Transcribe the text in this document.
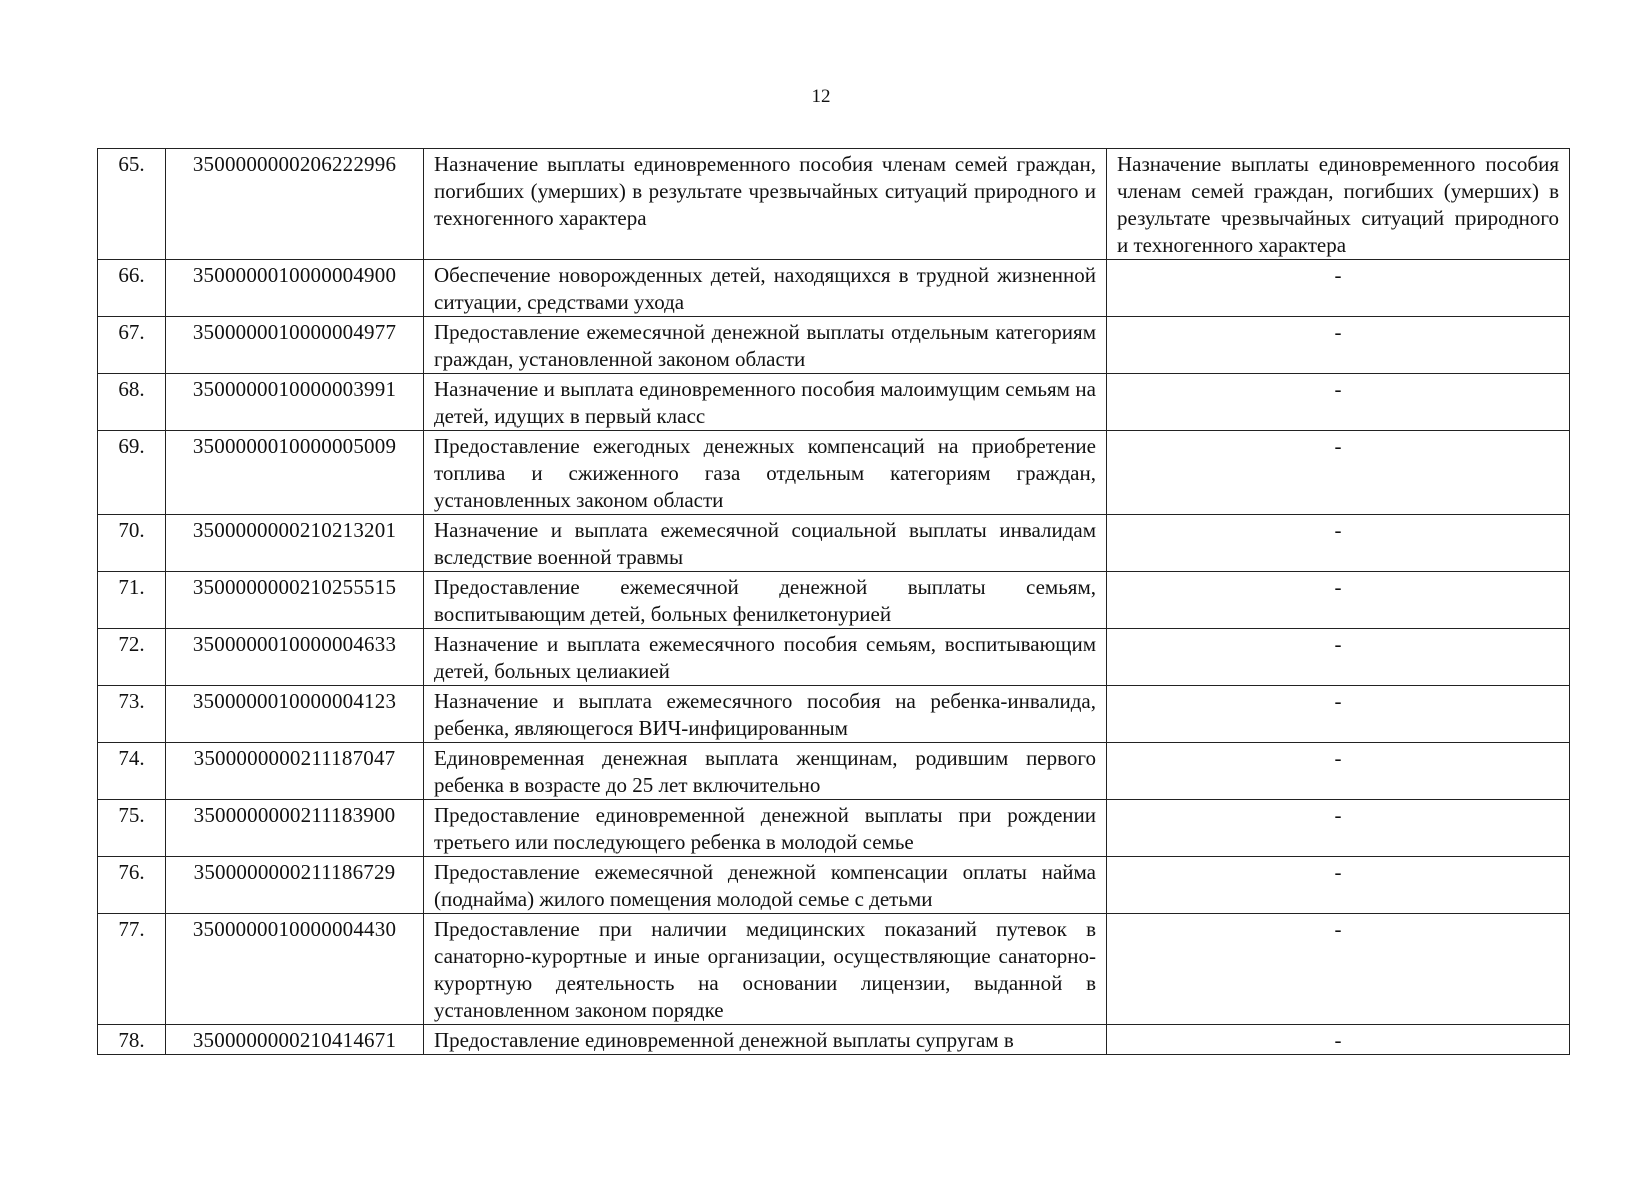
12
65.	3500000000206222996	Назначение выплаты единовременного пособия членам семей граждан, погибших (умерших) в результате чрезвычайных ситуаций природного и техногенного характера	Назначение выплаты единовременного пособия членам семей граждан, погибших (умерших) в результате чрезвычайных ситуаций природного и техногенного характера
66.	3500000010000004900	Обеспечение новорожденных детей, находящихся в трудной жизненной ситуации, средствами ухода	-
67.	3500000010000004977	Предоставление ежемесячной денежной выплаты отдельным категориям граждан, установленной законом области	-
68.	3500000010000003991	Назначение и выплата единовременного пособия малоимущим семьям на детей, идущих в первый класс	-
69.	3500000010000005009	Предоставление ежегодных денежных компенсаций на приобретение топлива и сжиженного газа отдельным категориям граждан, установленных законом области	-
70.	3500000000210213201	Назначение и выплата ежемесячной социальной выплаты инвалидам вследствие военной травмы	-
71.	3500000000210255515	Предоставление ежемесячной денежной выплаты семьям, воспитывающим детей, больных фенилкетонурией	-
72.	3500000010000004633	Назначение и выплата ежемесячного пособия семьям, воспитывающим детей, больных целиакией	-
73.	3500000010000004123	Назначение и выплата ежемесячного пособия на ребенка-инвалида, ребенка, являющегося ВИЧ-инфицированным	-
74.	3500000000211187047	Единовременная денежная выплата женщинам, родившим первого ребенка в возрасте до 25 лет включительно	-
75.	3500000000211183900	Предоставление единовременной денежной выплаты при рождении третьего или последующего ребенка в молодой семье	-
76.	3500000000211186729	Предоставление ежемесячной денежной компенсации оплаты найма (поднайма) жилого помещения молодой семье с детьми	-
77.	3500000010000004430	Предоставление при наличии медицинских показаний путевок в санаторно-курортные и иные организации, осуществляющие санаторно-курортную деятельность на основании лицензии, выданной в установленном законом порядке	-
78.	3500000000210414671	Предоставление единовременной денежной выплаты супругам в	-
